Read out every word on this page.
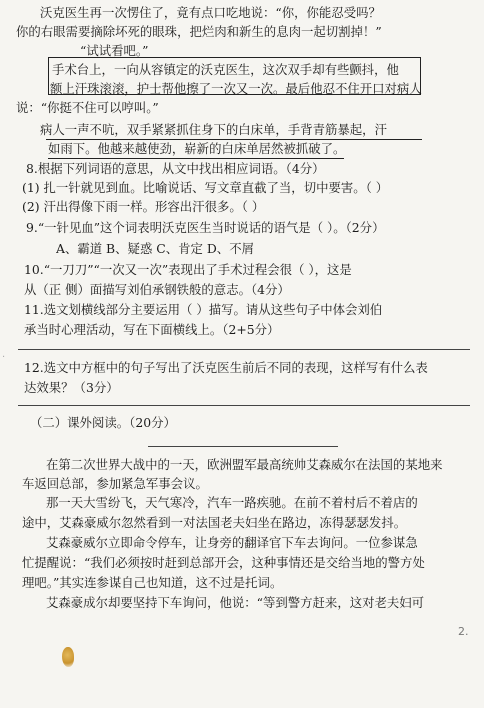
沃克医生再一次愣住了，竟有点口吃地说：“你，你能忍受吗？
你的右眼需要摘除坏死的眼珠，把烂肉和新生的息肉一起切割掉！”
“试试看吧。”
手术台上，一向从容镇定的沃克医生，这次双手却有些颤抖，他
额上汗珠滚滚，护士帮他擦了一次又一次。最后他忍不住开口对病人
说：“你挺不住可以哼叫。”
病人一声不吭，双手紧紧抓住身下的白床单，手背青筋暴起，汗
如雨下。他越来越使劲，崭新的白床单居然被抓破了。
8.根据下列词语的意思，从文中找出相应词语。（4分）
(1) 扎一针就见到血。比喻说话、写文章直截了当，切中要害。（ ）
(2) 汗出得像下雨一样。形容出汗很多。（ ）
9.“一针见血”这个词表明沃克医生当时说话的语气是（ ）。（2分）
A、霸道 B、疑惑 C、肯定 D、不屑
10.“一刀刀”“一次又一次”表现出了手术过程会很（ ），这是
从（正 侧）面描写刘伯承钢铁般的意志。（4分）
11.选文划横线部分主要运用（ ）描写。请从这些句子中体会刘伯
承当时心理活动，写在下面横线上。（2+5分）
12.选文中方框中的句子写出了沃克医生前后不同的表现，这样写有什么表
达效果？（3分）
（二）课外阅读。（20分）
在第二次世界大战中的一天，欧洲盟军最高统帅艾森威尔在法国的某地来
车返回总部，参加紧急军事会议。
那一天大雪纷飞，天气寒冷，汽车一路疾驰。在前不着村后不着店的
途中，艾森豪威尔忽然看到一对法国老夫妇坐在路边，冻得瑟瑟发抖。
艾森豪威尔立即命令停车，让身旁的翻译官下车去询问。一位参谋急
忙提醒说：“我们必须按时赶到总部开会，这种事情还是交给当地的警方处
理吧。”其实连参谋自己也知道，这不过是托词。
艾森豪成尔却要坚持下车询问，他说：“等到警方赶来，这对老夫妇可
·
2.
